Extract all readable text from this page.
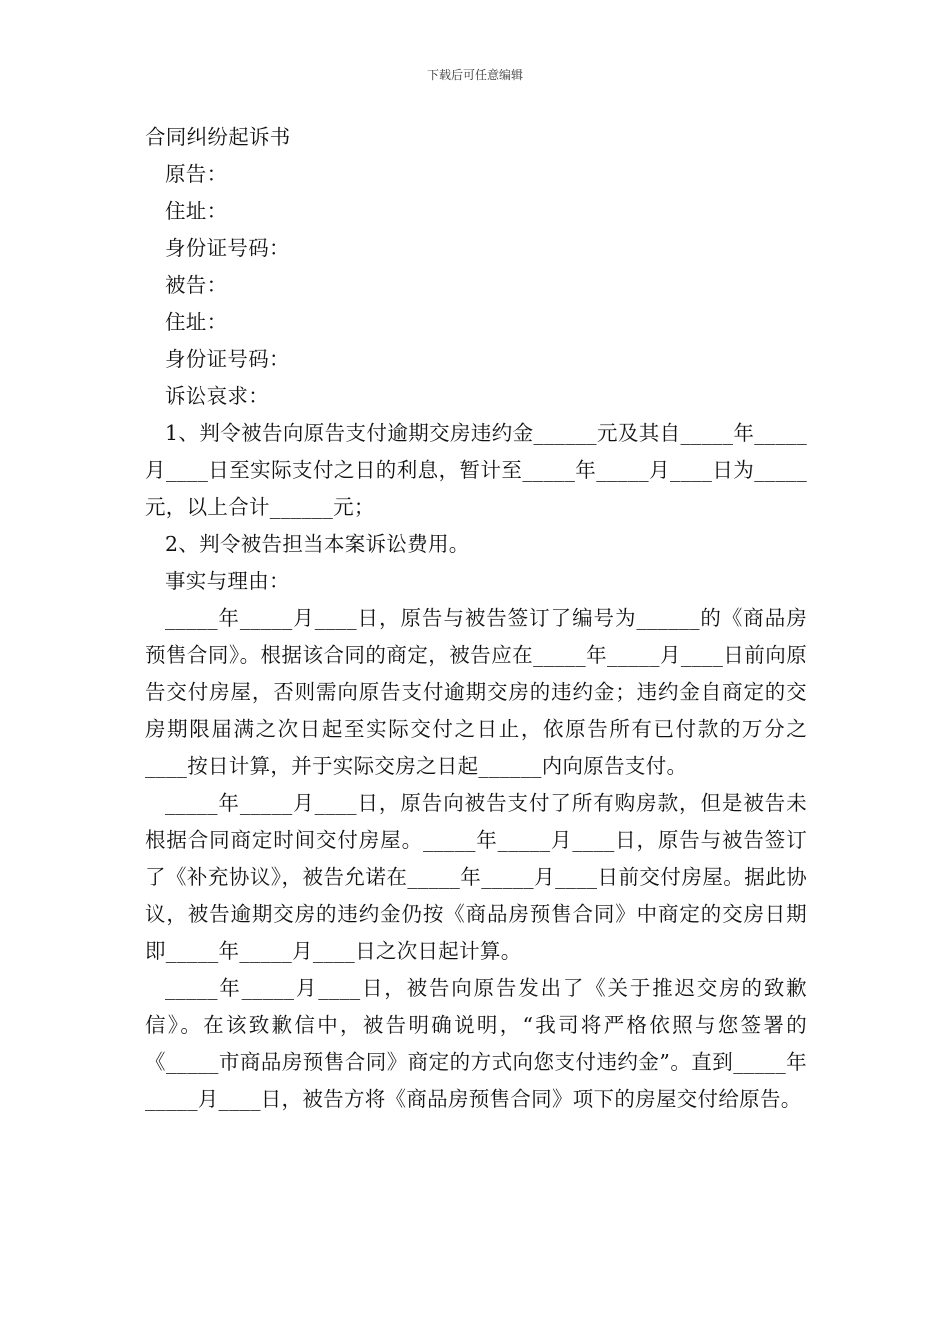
下载后可任意编辑

合同纠纷起诉书

原告：

住址：

身份证号码：

被告：

住址：

身份证号码：

诉讼哀求：

1、判令被告向原告支付逾期交房违约金______元及其自_____年_____月____日至实际支付之日的利息，暂计至_____年_____月____日为_____元，以上合计______元；

2、判令被告担当本案诉讼费用。

事实与理由：

_____年_____月____日，原告与被告签订了编号为______的《商品房预售合同》。根据该合同的商定，被告应在_____年_____月____日前向原告交付房屋，否则需向原告支付逾期交房的违约金；违约金自商定的交房期限届满之次日起至实际交付之日止，依原告所有已付款的万分之____按日计算，并于实际交房之日起______内向原告支付。

_____年_____月____日，原告向被告支付了所有购房款，但是被告未根据合同商定时间交付房屋。_____年_____月____日，原告与被告签订了《补充协议》，被告允诺在_____年_____月____日前交付房屋。据此协议，被告逾期交房的违约金仍按《商品房预售合同》中商定的交房日期即_____年_____月____日之次日起计算。

_____年_____月____日，被告向原告发出了《关于推迟交房的致歉信》。在该致歉信中，被告明确说明，“我司将严格依照与您签署的《_____市商品房预售合同》商定的方式向您支付违约金”。直到_____年_____月____日，被告方将《商品房预售合同》项下的房屋交付给原告。
